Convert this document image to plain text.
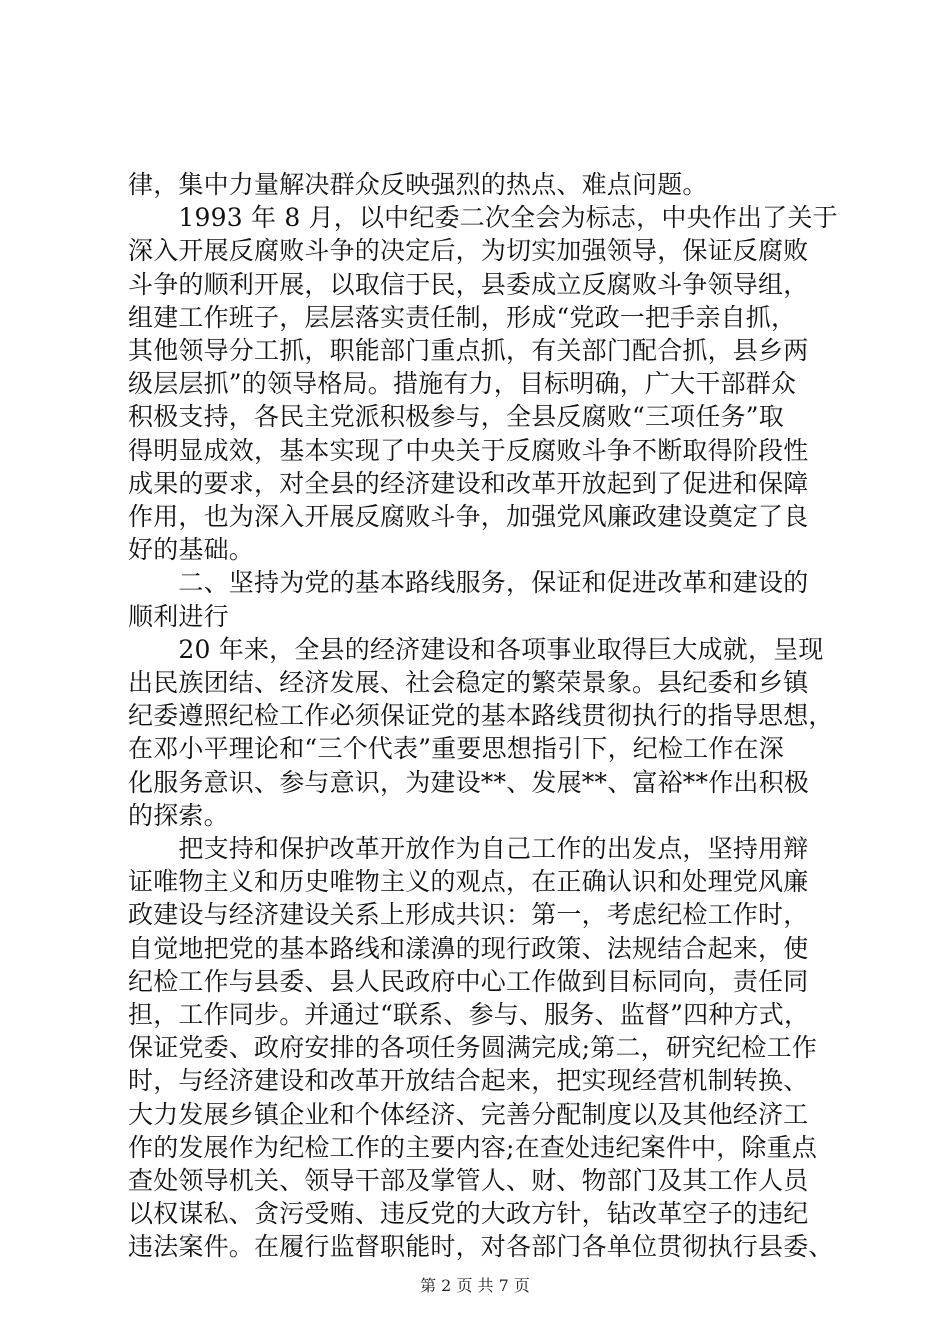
律，集中力量解决群众反映强烈的热点、难点问题。
　　1993 年 8 月，以中纪委二次全会为标志，中央作出了关于
深入开展反腐败斗争的决定后，为切实加强领导，保证反腐败
斗争的顺利开展，以取信于民，县委成立反腐败斗争领导组，
组建工作班子，层层落实责任制，形成“党政一把手亲自抓，
其他领导分工抓，职能部门重点抓，有关部门配合抓，县乡两
级层层抓”的领导格局。措施有力，目标明确，广大干部群众
积极支持，各民主党派积极参与，全县反腐败“三项任务”取
得明显成效，基本实现了中央关于反腐败斗争不断取得阶段性
成果的要求，对全县的经济建设和改革开放起到了促进和保障
作用，也为深入开展反腐败斗争，加强党风廉政建设奠定了良
好的基础。
　　二、坚持为党的基本路线服务，保证和促进改革和建设的
顺利进行
　　20 年来，全县的经济建设和各项事业取得巨大成就，呈现
出民族团结、经济发展、社会稳定的繁荣景象。县纪委和乡镇
纪委遵照纪检工作必须保证党的基本路线贯彻执行的指导思想，
在邓小平理论和“三个代表”重要思想指引下，纪检工作在深
化服务意识、参与意识，为建设**、发展**、富裕**作出积极
的探索。
　　把支持和保护改革开放作为自己工作的出发点，坚持用辩
证唯物主义和历史唯物主义的观点，在正确认识和处理党风廉
政建设与经济建设关系上形成共识：第一，考虑纪检工作时，
自觉地把党的基本路线和漾濞的现行政策、法规结合起来，使
纪检工作与县委、县人民政府中心工作做到目标同向，责任同
担，工作同步。并通过“联系、参与、服务、监督”四种方式，
保证党委、政府安排的各项任务圆满完成;第二，研究纪检工作
时，与经济建设和改革开放结合起来，把实现经营机制转换、
大力发展乡镇企业和个体经济、完善分配制度以及其他经济工
作的发展作为纪检工作的主要内容;在查处违纪案件中，除重点
查处领导机关、领导干部及掌管人、财、物部门及其工作人员
以权谋私、贪污受贿、违反党的大政方针，钻改革空子的违纪
违法案件。在履行监督职能时，对各部门各单位贯彻执行县委、
第 2 页 共 7 页
